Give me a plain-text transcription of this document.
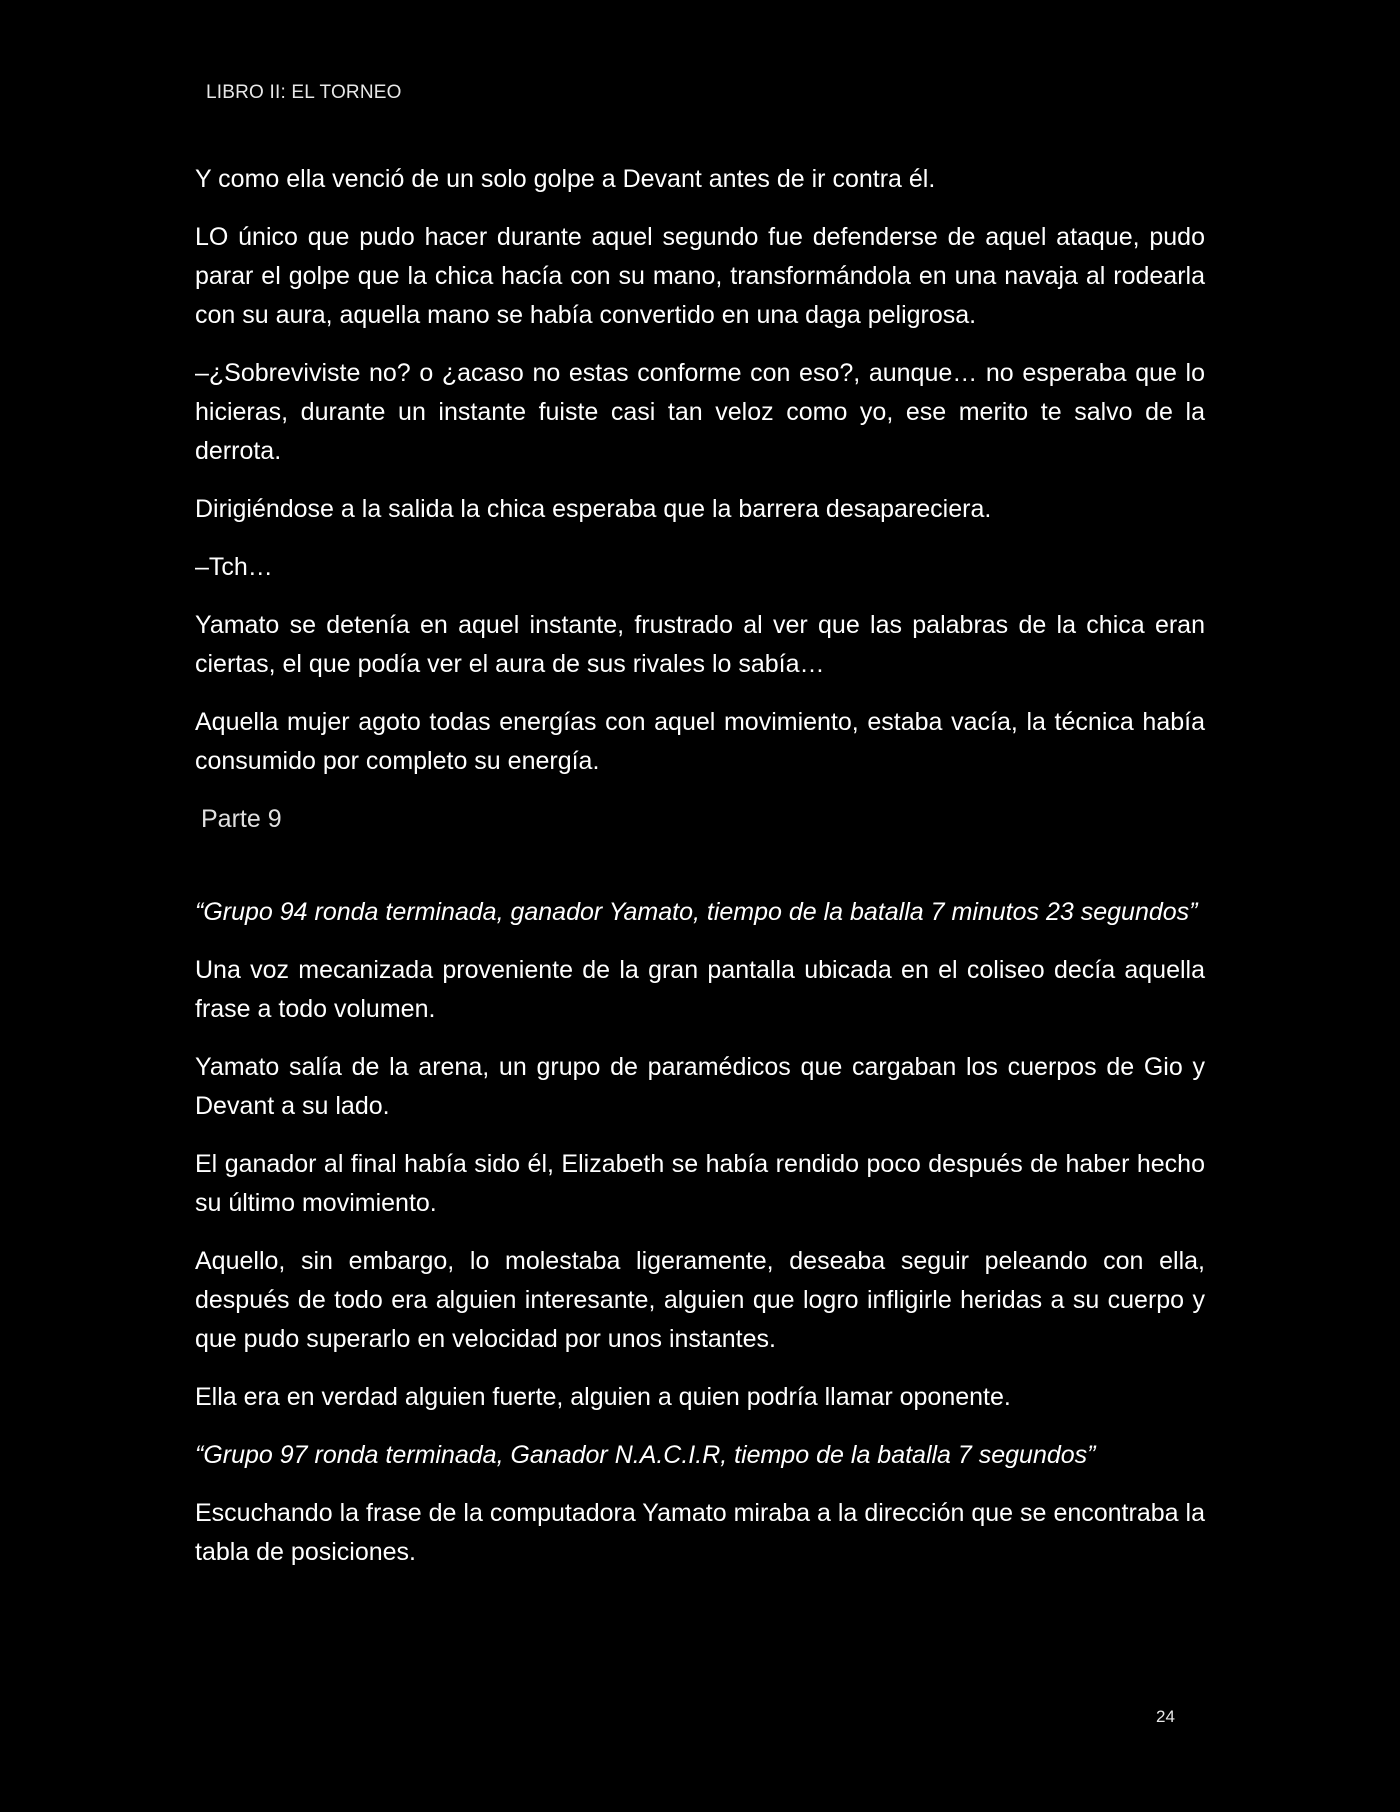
LIBRO II: EL TORNEO

Y como ella venció de un solo golpe a Devant antes de ir contra él.

LO único que pudo hacer durante aquel segundo fue defenderse de aquel ataque, pudo parar el golpe que la chica hacía con su mano, transformándola en una navaja al rodearla con su aura, aquella mano se había convertido en una daga peligrosa.

–¿Sobreviviste no? o ¿acaso no estas conforme con eso?, aunque… no esperaba que lo hicieras, durante un instante fuiste casi tan veloz como yo, ese merito te salvo de la derrota.

Dirigiéndose a la salida la chica esperaba que la barrera desapareciera.

–Tch…

Yamato se detenía en aquel instante, frustrado al ver que las palabras de la chica eran ciertas, el que podía ver el aura de sus rivales lo sabía…

Aquella mujer agoto todas energías con aquel movimiento, estaba vacía, la técnica había consumido por completo su energía.

Parte 9

“Grupo 94 ronda terminada, ganador Yamato, tiempo de la batalla 7 minutos 23 segundos”

Una voz mecanizada proveniente de la gran pantalla ubicada en el coliseo decía aquella frase a todo volumen.

Yamato salía de la arena, un grupo de paramédicos que cargaban los cuerpos de Gio y Devant a su lado.

El ganador al final había sido él, Elizabeth se había rendido poco después de haber hecho su último movimiento.

Aquello, sin embargo, lo molestaba ligeramente, deseaba seguir peleando con ella, después de todo era alguien interesante, alguien que logro infligirle heridas a su cuerpo y que pudo superarlo en velocidad por unos instantes.

Ella era en verdad alguien fuerte, alguien a quien podría llamar oponente.

“Grupo 97 ronda terminada, Ganador N.A.C.I.R, tiempo de la batalla 7 segundos”

Escuchando la frase de la computadora Yamato miraba a la dirección que se encontraba la tabla de posiciones.

24
